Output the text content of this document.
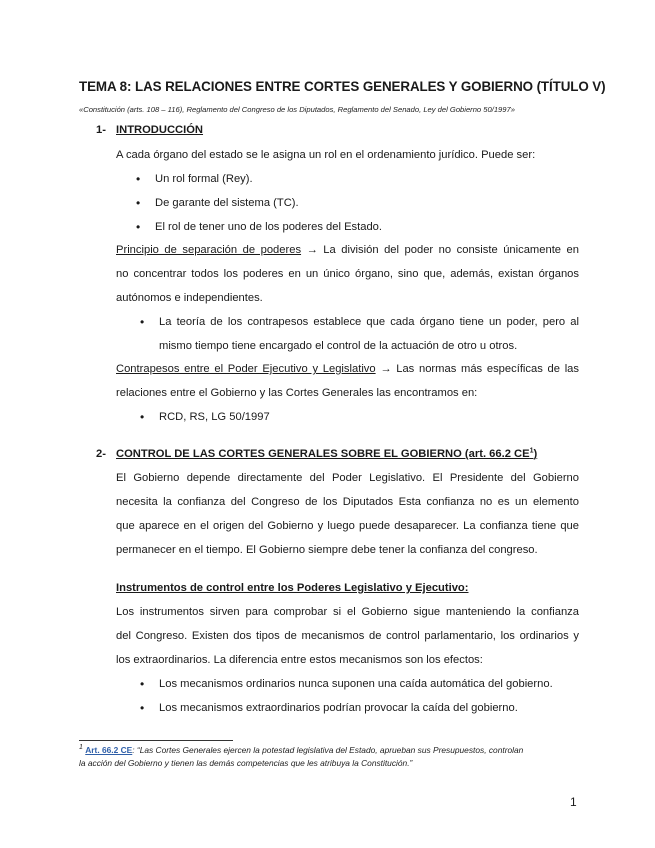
TEMA 8: LAS RELACIONES ENTRE CORTES GENERALES Y GOBIERNO (TÍTULO V)
«Constitución (arts. 108 – 116), Reglamento del Congreso de los Diputados, Reglamento del Senado, Ley del Gobierno 50/1997»
1- INTRODUCCIÓN
A cada órgano del estado se le asigna un rol en el ordenamiento jurídico. Puede ser:
• Un rol formal (Rey).
• De garante del sistema (TC).
• El rol de tener uno de los poderes del Estado.
Principio de separación de poderes → La división del poder no consiste únicamente en
no concentrar todos los poderes en un único órgano, sino que, además, existan órganos
autónomos e independientes.
• La teoría de los contrapesos establece que cada órgano tiene un poder, pero al
mismo tiempo tiene encargado el control de la actuación de otro u otros.
Contrapesos entre el Poder Ejecutivo y Legislativo → Las normas más específicas de las
relaciones entre el Gobierno y las Cortes Generales las encontramos en:
• RCD, RS, LG 50/1997
2- CONTROL DE LAS CORTES GENERALES SOBRE EL GOBIERNO (art. 66.2 $CE^1$)
El Gobierno depende directamente del Poder Legislativo. El Presidente del Gobierno
necesita la confianza del Congreso de los Diputados Esta confianza no es un elemento
que aparece en el origen del Gobierno y luego puede desaparecer. La confianza tiene que
permanecer en el tiempo. El Gobierno siempre debe tener la confianza del congreso.
Instrumentos de control entre los Poderes Legislativo y Ejecutivo:
Los instrumentos sirven para comprobar si el Gobierno sigue manteniendo la confianza
del Congreso. Existen dos tipos de mecanismos de control parlamentario, los ordinarios y
los extraordinarios. La diferencia entre estos mecanismos son los efectos:
• Los mecanismos ordinarios nunca suponen una caída automática del gobierno.
• Los mecanismos extraordinarios podrían provocar la caída del gobierno.
$^1$ Art. 66.2 CE: “Las Cortes Generales ejercen la potestad legislativa del Estado, aprueban sus Presupuestos, controlan
la acción del Gobierno y tienen las demás competencias que les atribuya la Constitución.”
1
